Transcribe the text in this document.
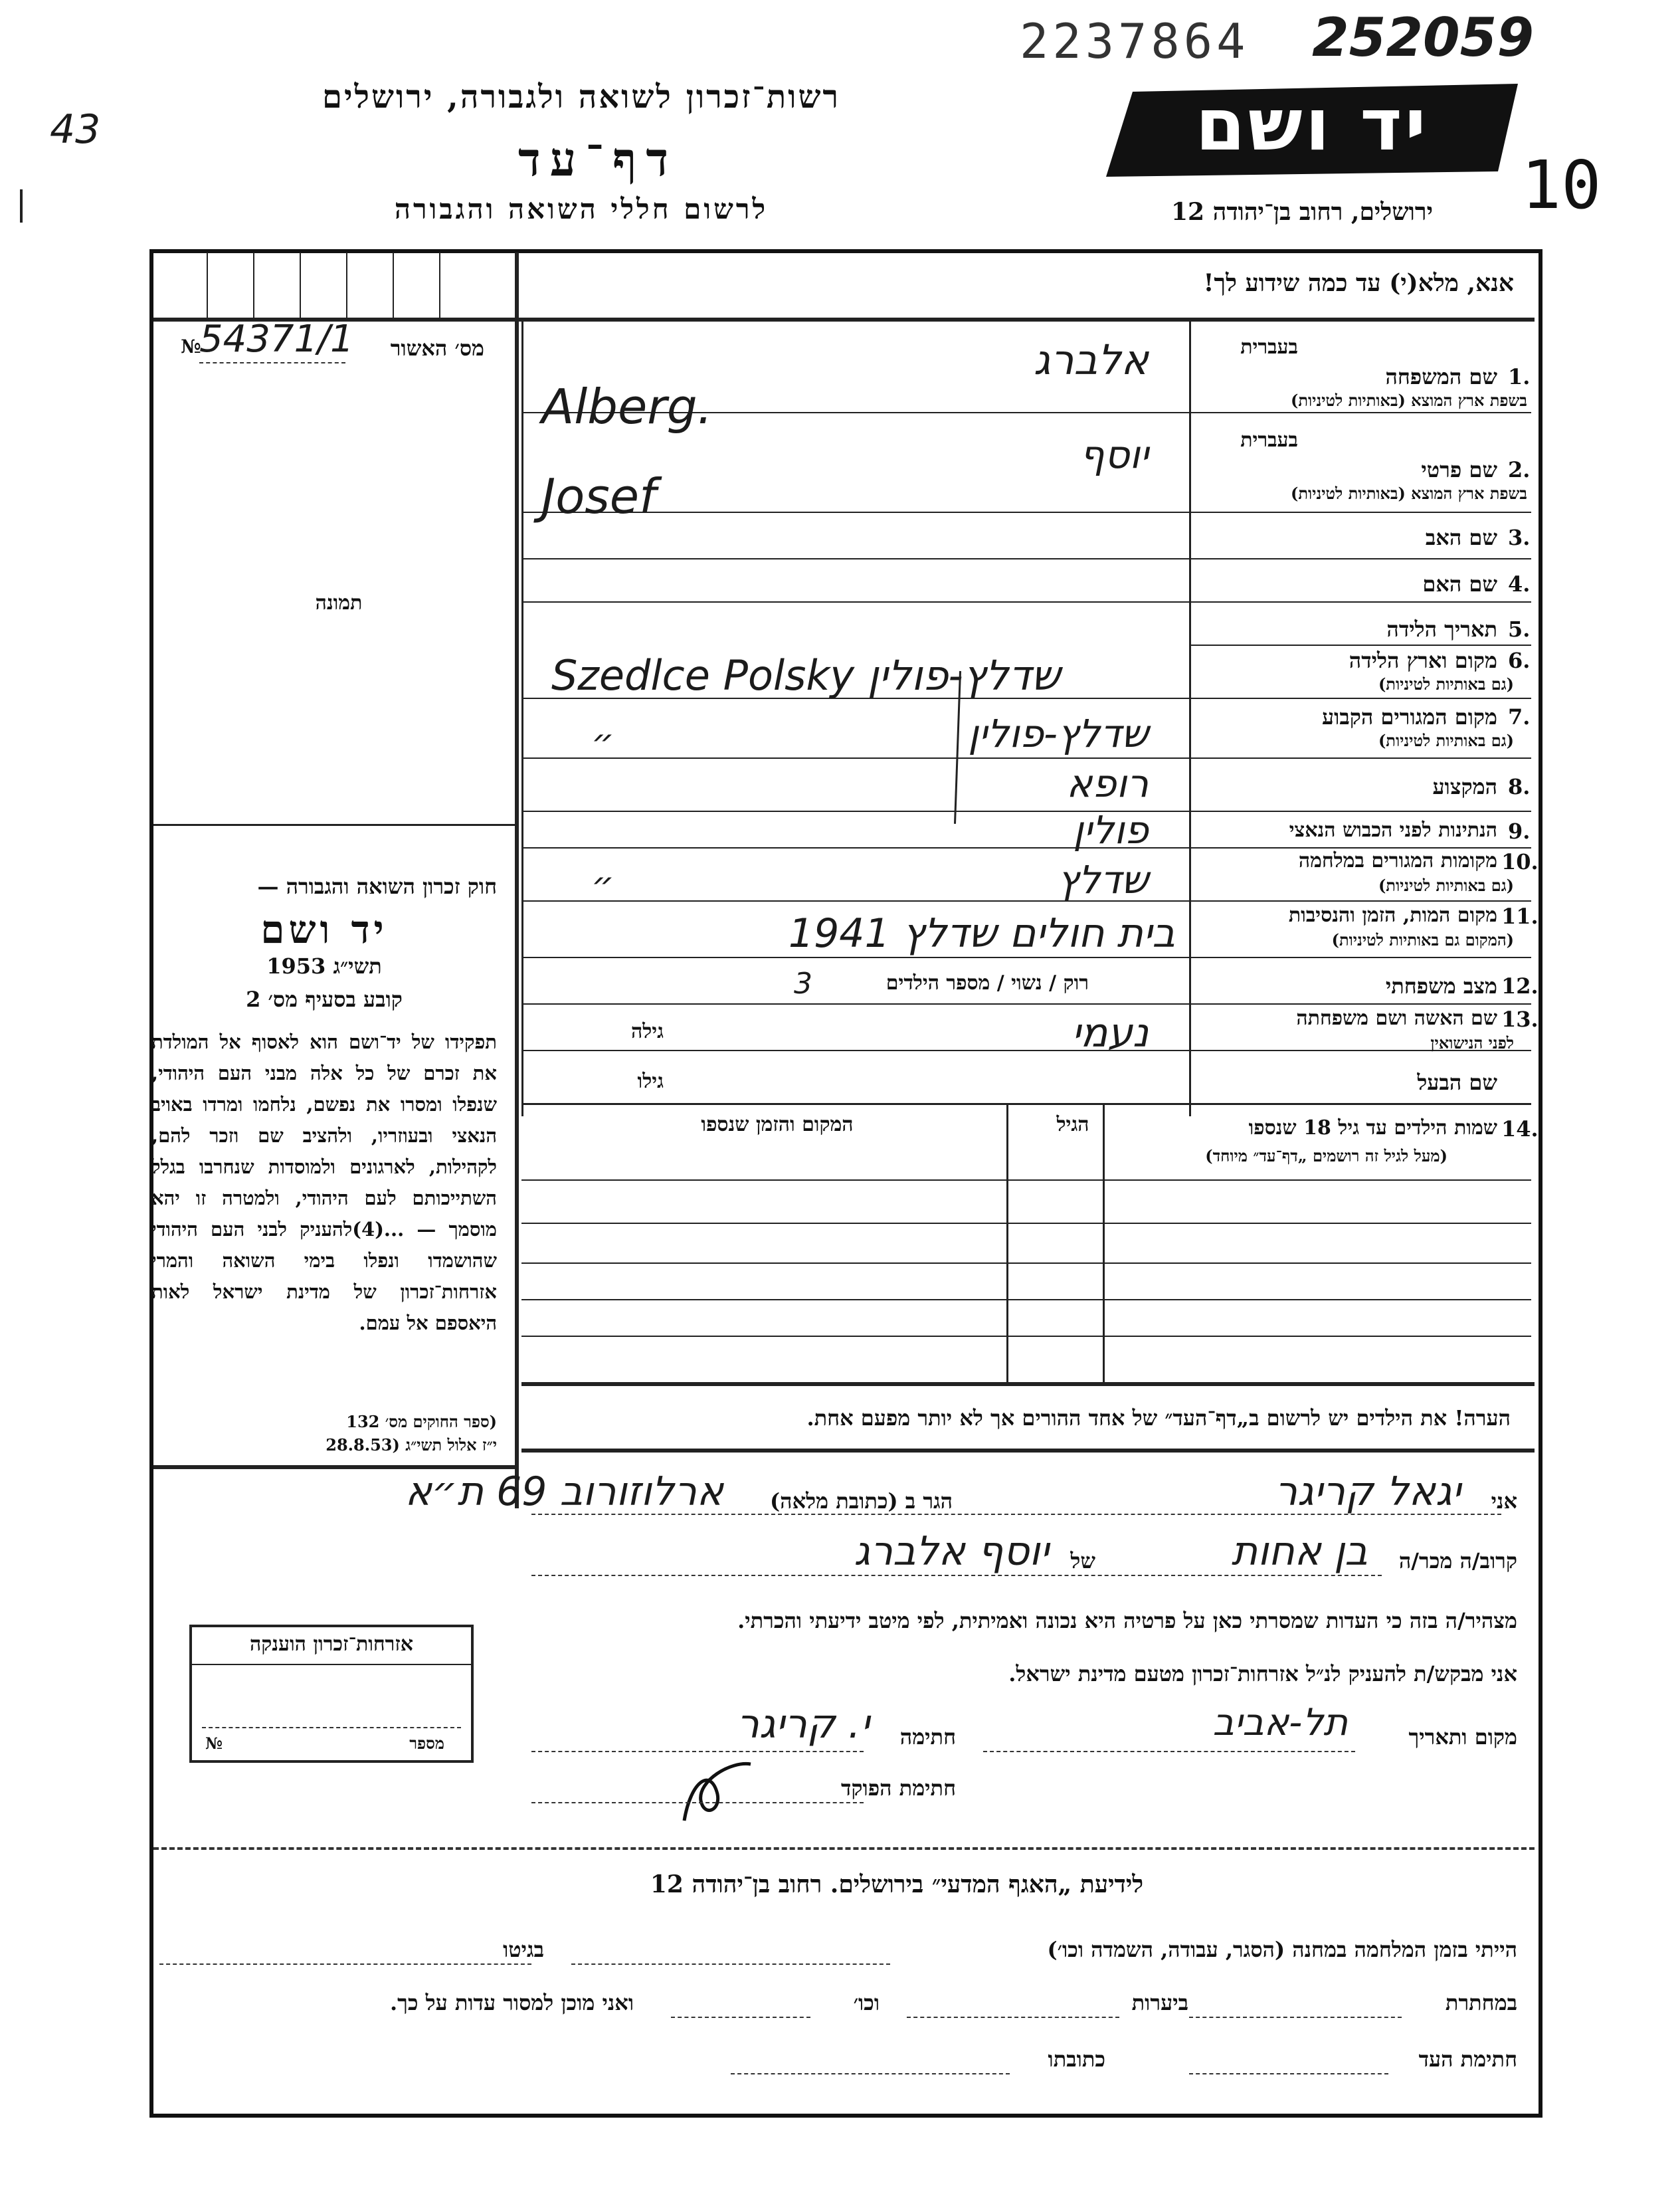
43
10
2237864 252059
רשות־זכרון לשואה ולגבורה, ירושלים
דף־עד
לרשום חללי השואה והגבורה
יד ושם
ירושלים, רחוב בן־יהודה 12
אנא, מלא(י) עד כמה שידוע לך!
מס׳ האשור
№
54371/1
תמונה
בעברית
1.
שם המשפחה
בשפת ארץ המוצא (באותיות לטיניות)
אלברג
Alberg.
בעברית
2.
שם פרטי
בשפת ארץ המוצא (באותיות לטיניות)
יוסף
Josef
3.
שם האב
4.
שם האם
5.
תאריך הלידה
6.
מקום וארץ הלידה
(גם באותיות לטיניות)
Szedlce Polsky שדלץ-פולין
7.
מקום המגורים הקבוע
(גם באותיות לטיניות)
״	שדלץ-פולין
8.
המקצוע
רופא
9.
הנתינות לפני הכבוש הנאצי
פולין
10.
מקומות המגורים במלחמה
(גם באותיות לטיניות)
״	שדלץ
11.
מקום המות, הזמן והנסיבות
(המקום גם באותיות לטיניות)
בית חולים שדלץ 1941
12.
מצב משפחתי
רוק / נשוי / מספר הילדים
3
13.
שם האשה ושם משפחתה
לפני הנישואין
נעמי
גילה
שם הבעל
גילו
14.
שמות הילדים עד גיל 18 שנספו
(מעל לגיל זה רושמים „דף־עד״ מיוחד)
הגיל
המקום והזמן שנספו
הערה! את הילדים יש לרשום ב„דף־העד״ של אחד ההורים אך לא יותר מפעם אחת.
חוק זכרון השואה והגבורה —
יד ושם
תשי״ג 1953
קובע בסעיף מס׳ 2
תפקידו של יד־ושם הוא לאסוף אל המולדת את זכרם של כל אלה מבני העם היהודי, שנפלו ומסרו את נפשם, נלחמו ומרדו באויב הנאצי ובעוזריו, ולהציב שם וזכר להם, לקהילות, לארגונים ולמוסדות שנחרבו בגלל השתייכותם לעם היהודי, ולמטרה זו יהא מוסמך — ...(4)להעניק לבני העם היהודי שהושמדו ונפלו בימי השואה והמרי אזרחות־זכרון של מדינת ישראל לאות היאספם אל עמם.
(ספר החוקים מס׳ 132
י״ז אלול תשי״ג (28.8.53
אזרחות־זכרון הוענקה
מספר
№
אני
יגאל קריגר
הגר ב (כתובת מלאה)
ארלוזורוב 69 ת״א
קרוב/ה מכר/ה
בן אחות
של
יוסף אלברג
מצהיר/ה בזה כי העדות שמסרתי כאן על פרטיה היא נכונה ואמיתית, לפי מיטב ידיעתי והכרתי.
אני מבקש/ת להעניק לנ״ל אזרחות־זכרון מטעם מדינת ישראל.
מקום ותאריך
תל-אביב
חתימה
י. קריגר
חתימת הפוקד
לידיעת „האגף המדעי״ בירושלים. רחוב בן־יהודה 12
הייתי בזמן המלחמה במחנה (הסגר, עבודה, השמדה וכו׳)
בגיטו
במחתרת
ביערות
וכו׳
ואני מוכן למסור עדות על כך.
חתימת העד
כתובתו
